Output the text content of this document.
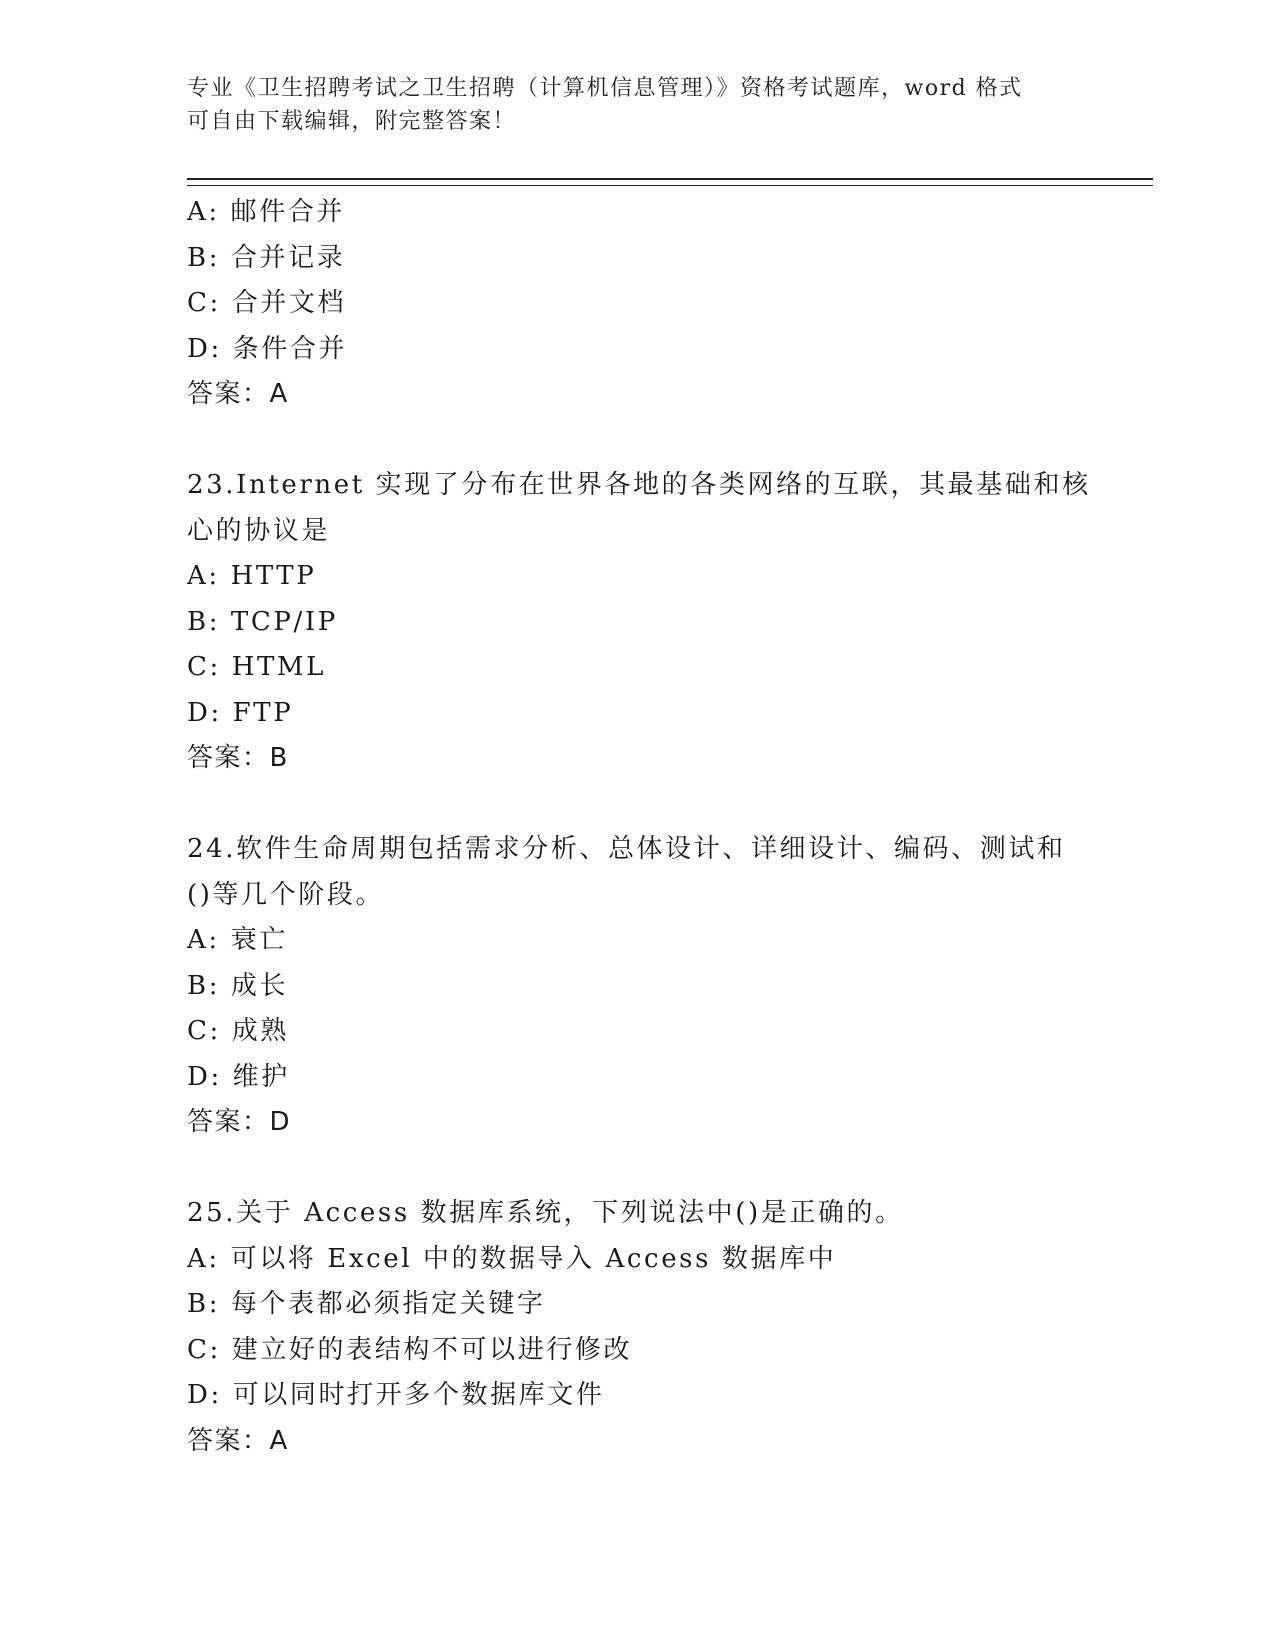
专业《卫生招聘考试之卫生招聘（计算机信息管理）》资格考试题库，word 格式
可自由下载编辑，附完整答案！
A: 邮件合并
B: 合并记录
C: 合并文档
D: 条件合并
答案：A
23.Internet 实现了分布在世界各地的各类网络的互联，其最基础和核
心的协议是
A: HTTP
B: TCP/IP
C: HTML
D: FTP
答案：B
24.软件生命周期包括需求分析、总体设计、详细设计、编码、测试和
()等几个阶段。
A: 衰亡
B: 成长
C: 成熟
D: 维护
答案：D
25.关于 Access 数据库系统，下列说法中()是正确的。
A: 可以将 Excel 中的数据导入 Access 数据库中
B: 每个表都必须指定关键字
C: 建立好的表结构不可以进行修改
D: 可以同时打开多个数据库文件
答案：A
